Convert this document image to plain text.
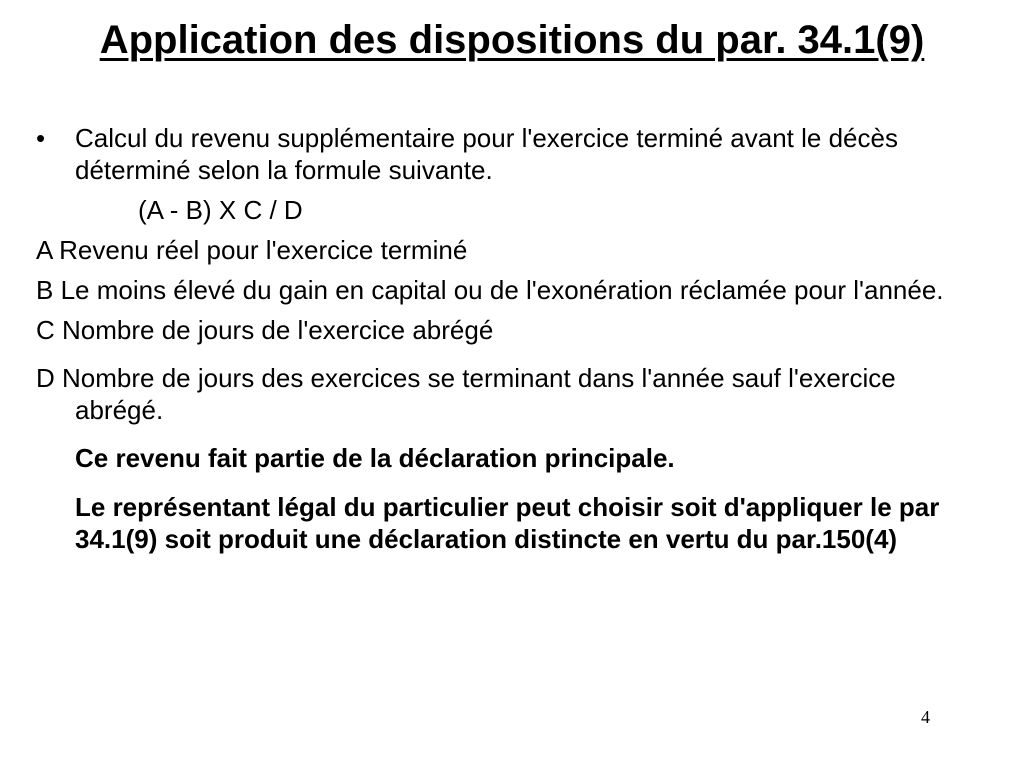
Application des dispositions du par. 34.1(9)
•	Calcul du revenu supplémentaire pour l'exercice terminé avant le décès déterminé selon la formule suivante.

(A - B) X C / D

A Revenu réel pour l'exercice terminé

B Le moins élevé du gain en capital ou de l'exonération réclamée pour l'année.

C Nombre de jours de l'exercice abrégé

D Nombre de jours des exercices se terminant dans l'année sauf l'exercice abrégé.

Ce revenu fait partie de la déclaration principale.

Le représentant légal du particulier peut choisir soit d'appliquer le par 34.1(9) soit produit une déclaration distincte en vertu du par.150(4)

4
